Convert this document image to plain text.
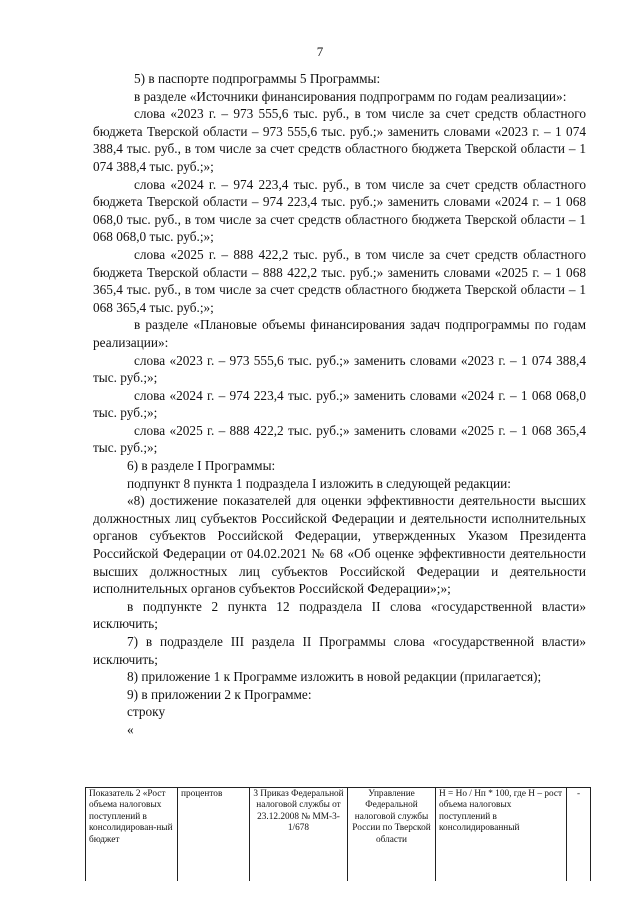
7

5) в паспорте подпрограммы 5 Программы:

в разделе «Источники финансирования подпрограмм по годам реализации»:

слова «2023 г. – 973 555,6 тыс. руб., в том числе за счет средств областного бюджета Тверской области – 973 555,6 тыс. руб.;» заменить словами «2023 г. – 1 074 388,4 тыс. руб., в том числе за счет средств областного бюджета Тверской области – 1 074 388,4 тыс. руб.;»;

слова «2024 г. – 974 223,4 тыс. руб., в том числе за счет средств областного бюджета Тверской области – 974 223,4 тыс. руб.;» заменить словами «2024 г. – 1 068 068,0 тыс. руб., в том числе за счет средств областного бюджета Тверской области – 1 068 068,0 тыс. руб.;»;

слова «2025 г. – 888 422,2 тыс. руб., в том числе за счет средств областного бюджета Тверской области – 888 422,2 тыс. руб.;» заменить словами «2025 г. – 1 068 365,4 тыс. руб., в том числе за счет средств областного бюджета Тверской области – 1 068 365,4 тыс. руб.;»;

в разделе «Плановые объемы финансирования задач подпрограммы по годам реализации»:

слова «2023 г. – 973 555,6 тыс. руб.;» заменить словами «2023 г. – 1 074 388,4 тыс. руб.;»;

слова «2024 г. – 974 223,4 тыс. руб.;» заменить словами «2024 г. – 1 068 068,0 тыс. руб.;»;

слова «2025 г. – 888 422,2 тыс. руб.;» заменить словами «2025 г. – 1 068 365,4 тыс. руб.;»;

6) в разделе I Программы:

подпункт 8 пункта 1 подраздела I изложить в следующей редакции:

«8) достижение показателей для оценки эффективности деятельности высших должностных лиц субъектов Российской Федерации и деятельности исполнительных органов субъектов Российской Федерации, утвержденных Указом Президента Российской Федерации от 04.02.2021 № 68 «Об оценке эффективности деятельности высших должностных лиц субъектов Российской Федерации и деятельности исполнительных органов субъектов Российской Федерации»;»;

в подпункте 2 пункта 12 подраздела II слова «государственной власти» исключить;

7) в подразделе III раздела II Программы слова «государственной власти» исключить;

8) приложение 1 к Программе изложить в новой редакции (прилагается);

9) в приложении 2 к Программе:

строку

«

Показатель 2 «Рост объема налоговых поступлений в консолидирован-ный бюджет	процентов	3 Приказ Федеральной налоговой службы от 23.12.2008 № ММ-3-1/678	Управление Федеральной налоговой службы России по Тверской области	Н = Нo / Нп * 100, где Н – рост объема налоговых поступлений в консолидированный	-
